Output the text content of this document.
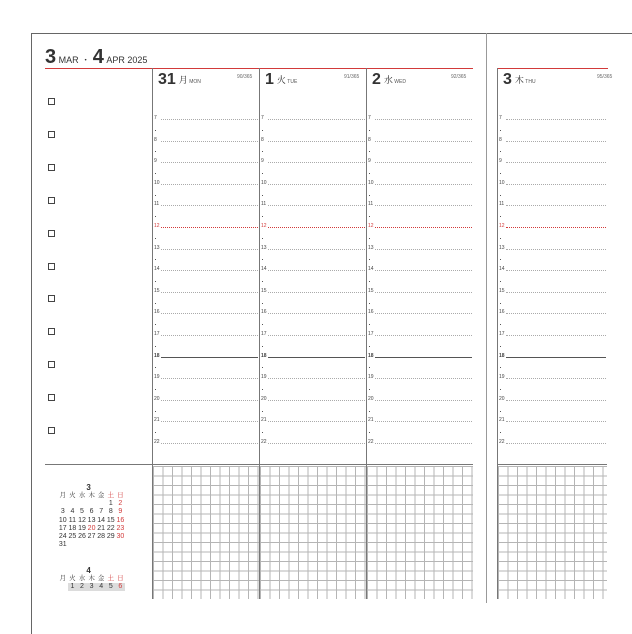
3 MAR ・ 4 APR 2025
31 月 MON
90/365 1 火 TUE
91/365 2 水 WED
92/365 3 木 THU
95/365
7	7	7	7
8	8	8	8
9	9	9	9
10	10	10	10
11	11	11	11
12	12	12	12
13	13	13	13
14	14	14	14
15	15	15	15
16	16	16	16
17	17	17	17
18	18	18	18
19	19	19	19
20	20	20	20
21	21	21	21
22	22	22	22
3
月	火	水	木	金	土	日
					1	2
3	4	5	6	7	8	9
10	11	12	13	14	15	16
17	18	19	20	21	22	23
24	25	26	27	28	29	30
31						
4
月	火	水	木	金	土	日
	1	2	3	4	5	6
